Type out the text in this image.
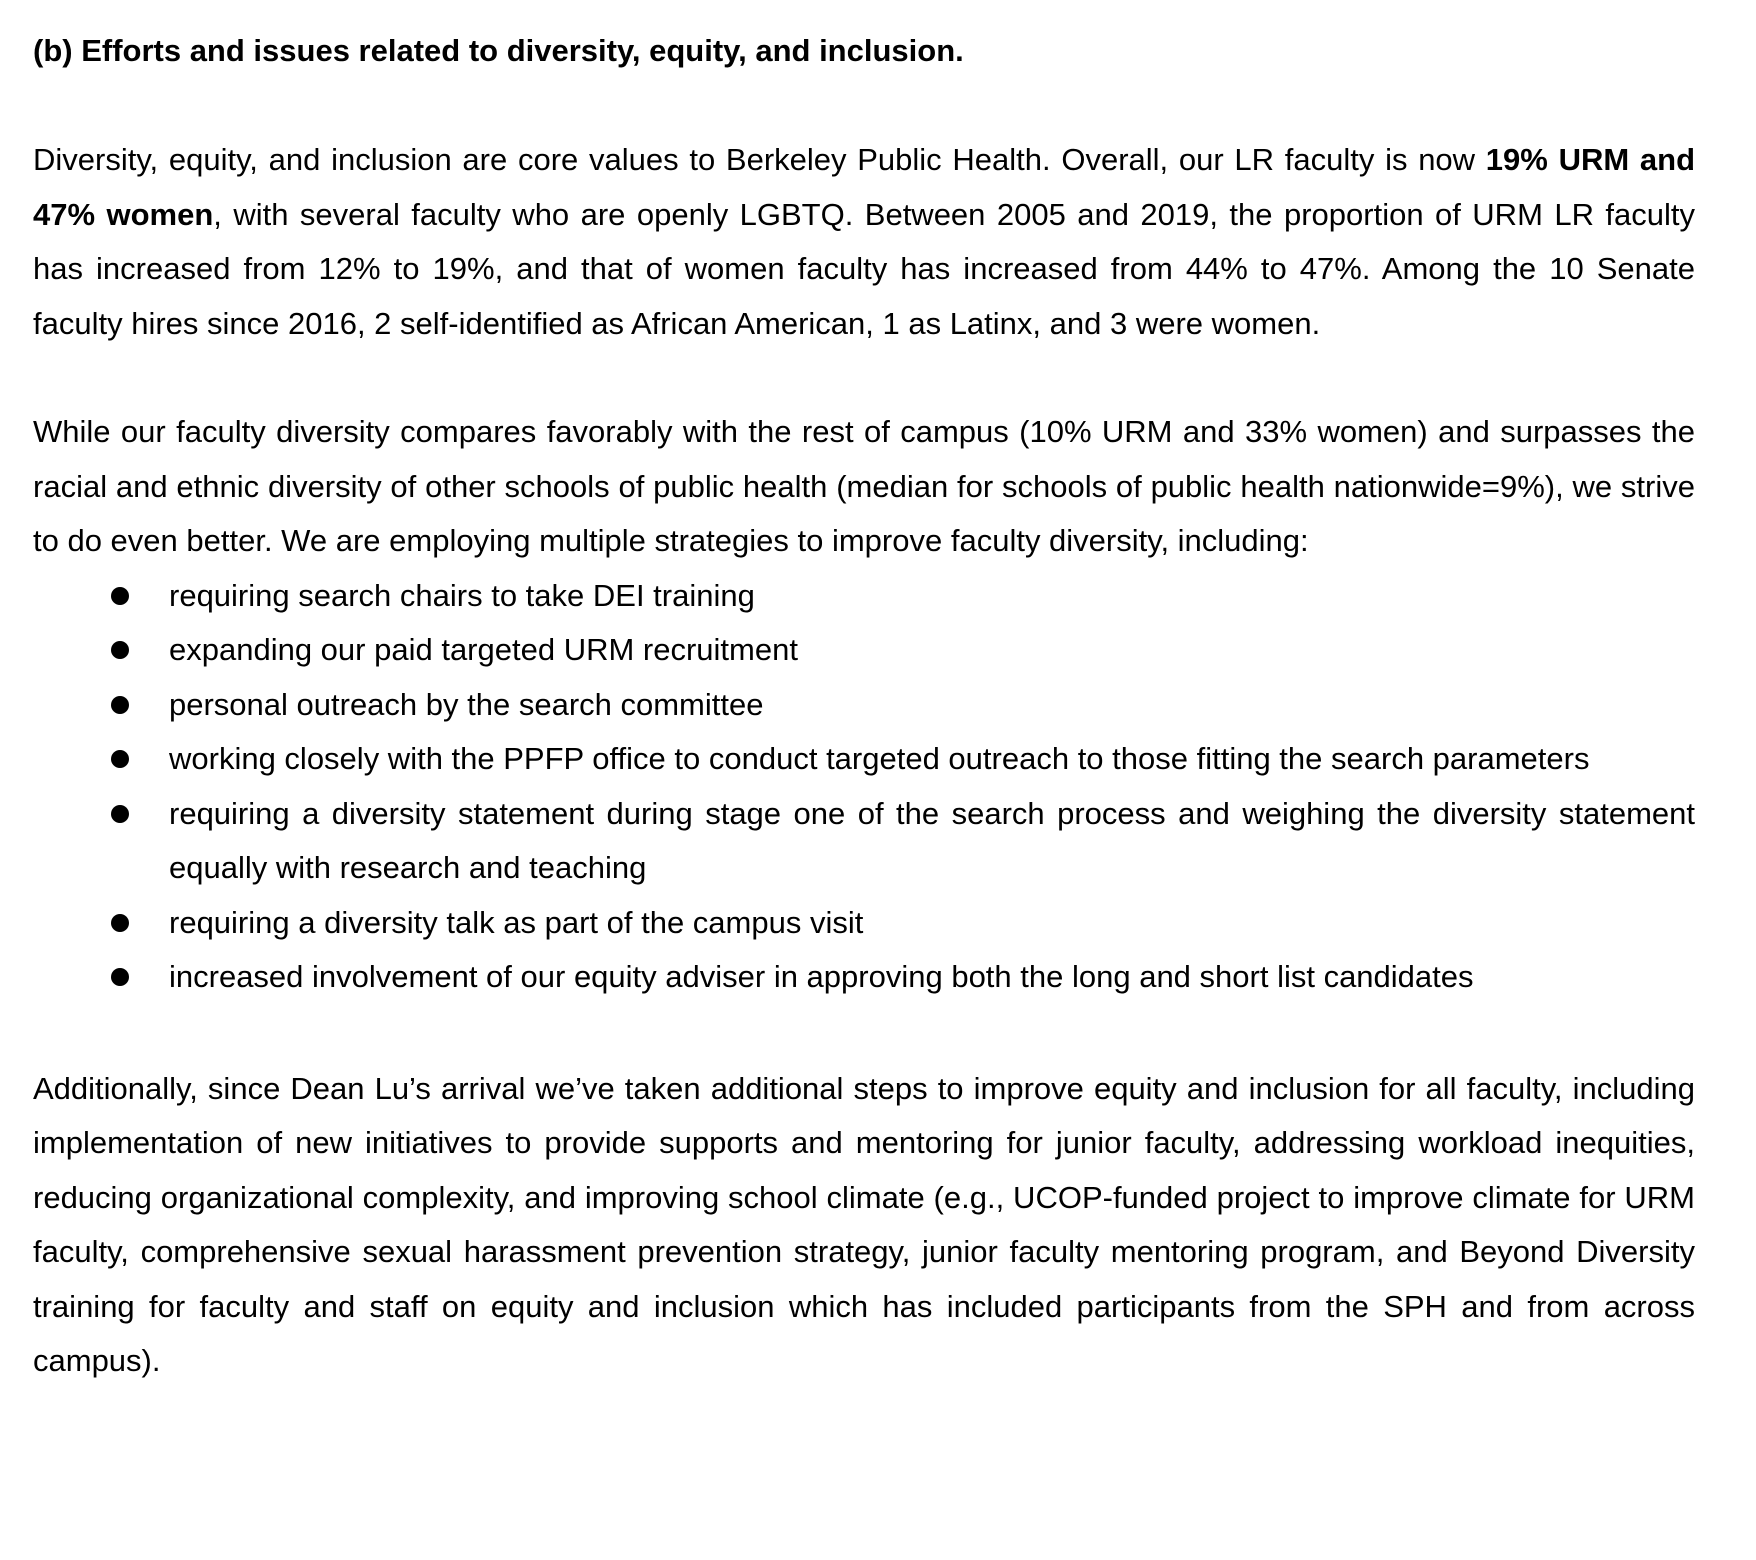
(b) Efforts and issues related to diversity, equity, and inclusion.

Diversity, equity, and inclusion are core values to Berkeley Public Health. Overall, our LR faculty is now 19% URM and 47% women, with several faculty who are openly LGBTQ. Between 2005 and 2019, the proportion of URM LR faculty has increased from 12% to 19%, and that of women faculty has increased from 44% to 47%. Among the 10 Senate faculty hires since 2016, 2 self-identified as African American, 1 as Latinx, and 3 were women.

While our faculty diversity compares favorably with the rest of campus (10% URM and 33% women) and surpasses the racial and ethnic diversity of other schools of public health (median for schools of public health nationwide=9%), we strive to do even better. We are employing multiple strategies to improve faculty diversity, including:

requiring search chairs to take DEI training
expanding our paid targeted URM recruitment
personal outreach by the search committee
working closely with the PPFP office to conduct targeted outreach to those fitting the search parameters
requiring a diversity statement during stage one of the search process and weighing the diversity statement equally with research and teaching
requiring a diversity talk as part of the campus visit
increased involvement of our equity adviser in approving both the long and short list candidates

Additionally, since Dean Lu’s arrival we’ve taken additional steps to improve equity and inclusion for all faculty, including implementation of new initiatives to provide supports and mentoring for junior faculty, addressing workload inequities, reducing organizational complexity, and improving school climate (e.g., UCOP-funded project to improve climate for URM faculty, comprehensive sexual harassment prevention strategy, junior faculty mentoring program, and Beyond Diversity training for faculty and staff on equity and inclusion which has included participants from the SPH and from across campus).
